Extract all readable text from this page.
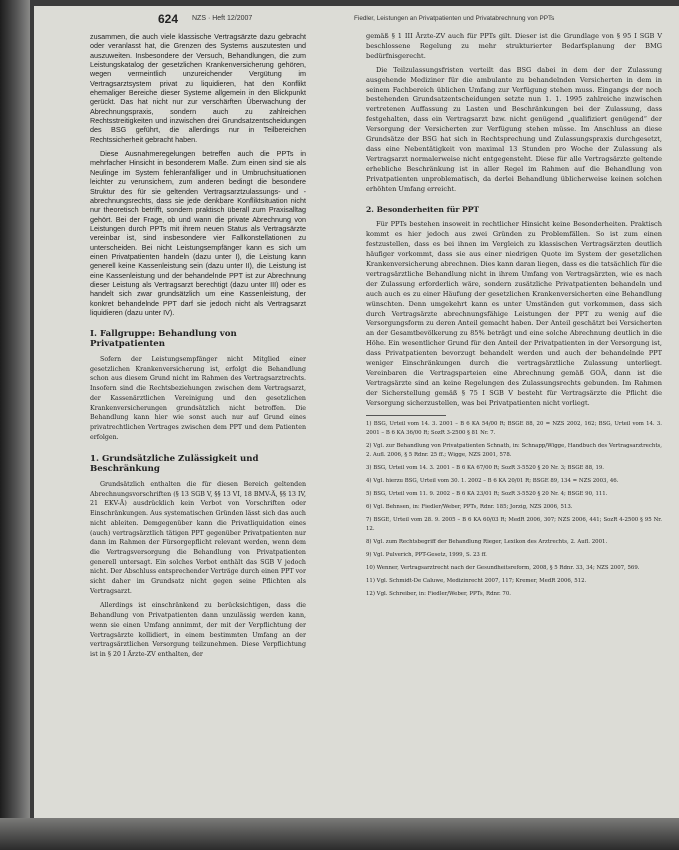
624 NZS · Heft 12/2007	Fiedler, Leistungen an Privatpatienten und Privatabrechnung von PPTs

zusammen, die auch viele klassische Vertragsärzte dazu gebracht oder veranlasst hat, die Grenzen des Systems auszutesten und auszuweiten. Insbesondere der Versuch, Behandlungen, die zum Leistungskatalog der gesetzlichen Krankenversicherung gehören, wegen vermeintlich unzureichender Vergütung im Vertragsarztsystem privat zu liquidieren, hat den Konflikt ehemaliger Bereiche dieser Systeme allgemein in den Blickpunkt gerückt. Das hat nicht nur zur verschärften Überwachung der Abrechnungspraxis, sondern auch zu zahlreichen Rechtsstreitigkeiten und inzwischen drei Grundsatzentscheidungen des BSG geführt, die allerdings nur in Teilbereichen Rechtssicherheit gebracht haben.

Diese Ausnahmeregelungen betreffen auch die PPTs in mehrfacher Hinsicht in besonderem Maße. Zum einen sind sie als Neulinge im System fehleranfälliger und in Umbruchsituationen leichter zu verunsichern, zum anderen bedingt die besondere Struktur des für sie geltenden Vertragsarztzulassungs- und -abrechnungsrechts, dass sie jede denkbare Konfliktsituation nicht nur theoretisch betrifft, sondern praktisch überall zum Praxisalltag gehört. Bei der Frage, ob und wann die private Abrechnung von Leistungen durch PPTs mit ihrem neuen Status als Vertragsärzte vereinbar ist, sind insbesondere vier Fallkonstellationen zu unterscheiden. Bei nicht Leistungsempfänger kann es sich um einen Privatpatienten handeln (dazu unter I), die Leistung kann generell keine Kassenleistung sein (dazu unter II), die Leistung ist eine Kassenleistung und der behandelnde PPT ist zur Abrechnung dieser Leistung als Vertragsarzt berechtigt (dazu unter III) oder es handelt sich zwar grundsätzlich um eine Kassenleistung, der konkret behandelnde PPT darf sie jedoch nicht als Vertragsarzt liquidieren (dazu unter IV).

I. Fallgruppe: Behandlung von Privatpatienten

Sofern der Leistungsempfänger nicht Mitglied einer gesetzlichen Krankenversicherung ist, erfolgt die Behandlung schon aus diesem Grund nicht im Rahmen des Vertragsarztrechts. Insofern sind die Rechtsbeziehungen zwischen dem Vertragsarzt, der Kassenärztlichen Vereinigung und den gesetzlichen Krankenversicherungen grundsätzlich nicht betroffen. Die Behandlung kann hier wie sonst auch nur auf Grund eines privatrechtlichen Vertrages zwischen dem PPT und dem Patienten erfolgen.

1. Grundsätzliche Zulässigkeit und Beschränkung

Grundsätzlich enthalten die für diesen Bereich geltenden Abrechnungsvorschriften (§ 13 SGB V, §§ 13 VI, 18 BMV-Ä, §§ 13 IV, 21 EKV-Ä) ausdrücklich kein Verbot von Vorschriften oder Einschränkungen. Aus systematischen Gründen lässt sich das auch nicht ableiten. Demgegenüber kann die Privatliquidation eines (auch) vertragsärztlich tätigen PPT gegenüber Privatpatienten nur dann im Rahmen der Fürsorgepflicht relevant werden, wenn dem die Vertragsversorgung die Behandlung von Privatpatienten generell untersagt. Ein solches Verbot enthält das SGB V jedoch nicht. Der Abschluss entsprechender Verträge durch einen PPT vor sicht daher im Grundsatz nicht gegen seine Pflichten als Vertragsarzt.

Allerdings ist einschränkend zu berücksichtigen, dass die Behandlung von Privatpatienten dann unzulässig werden kann, wenn sie einen Umfang annimmt, der mit der Verpflichtung der Vertragsärzte kollidiert, in einem bestimmten Umfang an der vertragsärztlichen Versorgung teilzunehmen. Diese Verpflichtung ist in § 20 I Ärzte-ZV enthalten, der

gemäß § 1 III Ärzte-ZV auch für PPTs gilt. Dieser ist die Grundlage von § 95 I SGB V beschlossene Regelung zu mehr strukturierter Bedarfsplanung der BMG bedürfnisgerecht.

Die Teilzulassungsfristen verteilt das BSG dabei in dem der der Zulassung ausgehende Mediziner für die ambulante zu behandelnden Versicherten in dem in seinem Fachbereich üblichen Umfang zur Verfügung stehen muss. Eingangs der noch bestehenden Grundsatzentscheidungen setzte nun 1. 1. 1995 zahlreiche inzwischen vertretenen Auffassung zu Lasten und Beschränkungen bei der Zulassung, dass festgehalten, dass ein Vertragsarzt bzw. nicht genügend „qualifiziert genügend“ der Versorgung der Versicherten zur Verfügung stehen müsse. Im Anschluss an diese Grundsätze der BSG hat sich in Rechtsprechung und Zulassungspraxis durchgesetzt, dass eine Nebentätigkeit von maximal 13 Stunden pro Woche der Zulassung als Vertragsarzt normalerweise nicht entgegensteht. Diese für alle Vertragsärzte geltende erhebliche Beschränkung ist in aller Regel im Rahmen auf die Behandlung von Privatpatienten unproblematisch, da derlei Behandlung üblicherweise keinen solchen erhöhten Umfang erreicht.

2. Besonderheiten für PPT

Für PPTs bestehen insoweit in rechtlicher Hinsicht keine Besonderheiten. Praktisch kommt es hier jedoch aus zwei Gründen zu Problemfällen. So ist zum einen festzustellen, dass es bei ihnen im Vergleich zu klassischen Vertragsärzten deutlich häufiger vorkommt, dass sie aus einer niedrigen Quote im System der gesetzlichen Krankenversicherung abrechnen. Dies kann daran liegen, dass es die tatsächlich für die vertragsärztliche Behandlung nicht in ihrem Umfang von Vertragsärzten, wie es nach der Zulassung erforderlich wäre, sondern zusätzliche Privatpatienten behandeln und auch auch es zu einer Häufung der gesetzlichen Krankenversicherten eine Behandlung wünschten. Denn umgekehrt kann es unter Umständen gut vorkommen, dass sich durch Vertragsärzte abrechnungsfähige Leistungen der PPT zu wenig auf die Versorgungsform zu deren Anteil gemacht haben. Der Anteil geschätzt bei Versicherten an der Gesamtbevölkerung zu 85% beträgt und eine solche Abrechnung deutlich in die Höhe. Ein wesentlicher Grund für den Anteil der Privatpatienten in der Versorgung ist, dass Privatpatienten bevorzugt behandelt werden und auch der behandelnde PPT weniger Einschränkungen durch die vertragsärztliche Zulassung unterliegt. Vereinbaren die Vertragsparteien eine Abrechnung gemäß GOÄ, dann ist die Vertragsärzte sind an keine Regelungen des Zulassungsrechts gebunden. Im Rahmen der Sicherstellung gemäß § 75 I SGB V besteht für Vertragsärzte die Pflicht die Versorgung sicherzustellen, was bei Privatpatienten nicht vorliegt.

1) BSG, Urteil vom 14. 3. 2001 – B 6 KA 54/00 R; BSGE 88, 20 = NZS 2002, 162; BSG, Urteil vom 14. 3. 2001 – B 6 KA 36/00 R; SozR 3-2500 § 81 Nr. 7.

2) Vgl. zur Behandlung von Privatpatienten Schnath, in: Schnapp/Wigge, Handbuch des Vertragsarztrechts, 2. Aufl. 2006, § 5 Rdnr. 25 ff.; Wigge, NZS 2001, 578.

3) BSG, Urteil vom 14. 3. 2001 – B 6 KA 67/00 R; SozR 3-5520 § 20 Nr. 3; BSGE 88, 19.

4) Vgl. hierzu BSG, Urteil vom 30. 1. 2002 – B 6 KA 20/01 R; BSGE 89, 134 = NZS 2003, 46.

5) BSG, Urteil vom 11. 9. 2002 – B 6 KA 23/01 R; SozR 3-5520 § 20 Nr. 4; BSGE 90, 111.

6) Vgl. Behnsen, in: Fiedler/Weber, PPTs, Rdnr. 185; Jorzig, NZS 2006, 513.

7) BSGE, Urteil vom 28. 9. 2005 – B 6 KA 60/03 R; MedR 2006, 307; NZS 2006, 441; SozR 4-2500 § 95 Nr. 12.

8) Vgl. zum Rechtsbegriff der Behandlung Rieger, Lexikon des Arztrechts, 2. Aufl. 2001.

9) Vgl. Pulverich, PPT-Gesetz, 1999, S. 23 ff.

10) Wenner, Vertragsarztrecht nach der Gesundheitsreform, 2008, § 5 Rdnr. 33, 34; NZS 2007, 569.

11) Vgl. Schmidt-De Caluwe, Medizinrecht 2007, 117; Kremer, MedR 2006, 512.

12) Vgl. Schreiber, in: Fiedler/Weber, PPTs, Rdnr. 70.
